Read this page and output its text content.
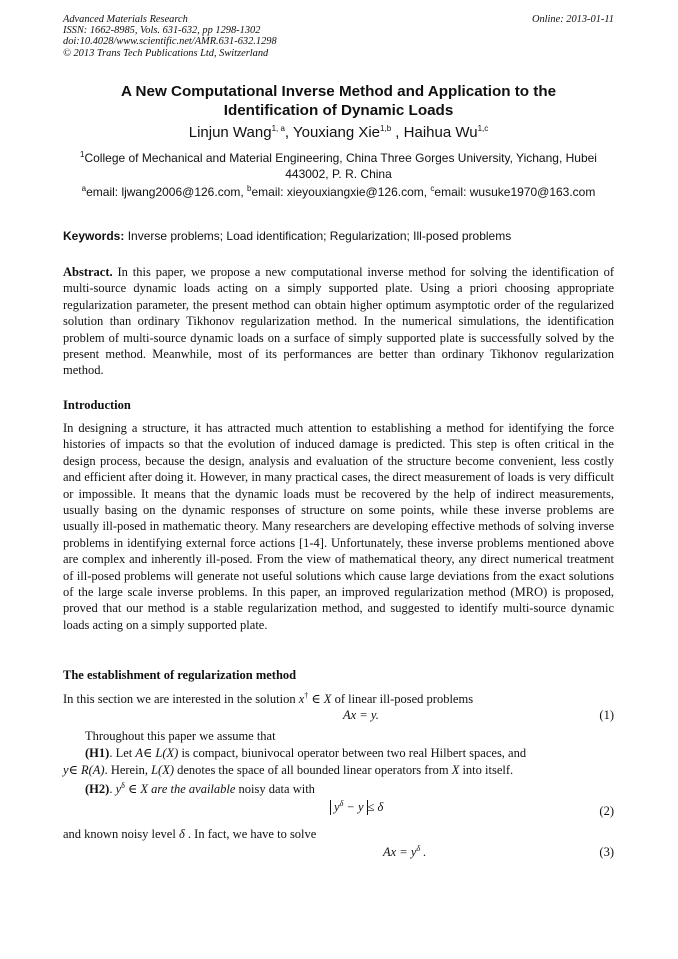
Advanced Materials Research
ISSN: 1662-8985, Vols. 631-632, pp 1298-1302
doi:10.4028/www.scientific.net/AMR.631-632.1298
© 2013 Trans Tech Publications Ltd, Switzerland
Online: 2013-01-11
A New Computational Inverse Method and Application to the
Identification of Dynamic Loads
Linjun Wang$^{1, a}$, Youxiang Xie$^{1,b}$ , Haihua Wu$^{1,c}$
$^1$College of Mechanical and Material Engineering, China Three Gorges University, Yichang, Hubei
443002, P. R. China
$^a$email: ljwang2006@126.com, $^b$email: xieyouxiangxie@126.com, $^c$email: wusuke1970@163.com
Keywords: Inverse problems; Load identification; Regularization; Ill-posed problems
Abstract. In this paper, we propose a new computational inverse method for solving the identification of multi-source dynamic loads acting on a simply supported plate. Using a priori choosing appropriate regularization parameter, the present method can obtain higher optimum asymptotic order of the regularized solution than ordinary Tikhonov regularization method. In the numerical simulations, the identification problem of multi-source dynamic loads on a surface of simply supported plate is successfully solved by the present method. Meanwhile, most of its performances are better than ordinary Tikhonov regularization method.
Introduction
In designing a structure, it has attracted much attention to establishing a method for identifying the force histories of impacts so that the evolution of induced damage is predicted. This step is often critical in the design process, because the design, analysis and evaluation of the structure become convenient, less costly and efficient after doing it. However, in many practical cases, the direct measurement of loads is very difficult or impossible. It means that the dynamic loads must be recovered by the help of indirect measurements, usually basing on the dynamic responses of structure on some points, while these inverse problems are usually ill-posed in mathematic theory. Many researchers are developing effective methods of solving inverse problems in identifying external force actions [1-4]. Unfortunately, these inverse problems mentioned above are complex and inherently ill-posed. From the view of mathematical theory, any direct numerical treatment of ill-posed problems will generate not useful solutions which cause large deviations from the exact solutions of the large scale inverse problems. In this paper, an improved regularization method (MRO) is proposed, proved that our method is a stable regularization method, and suggested to identify multi-source dynamic loads acting on a simply supported plate.
The establishment of regularization method
In this section we are interested in the solution x† ∈ X of linear ill-posed problems
Ax = y.	(1)
Throughout this paper we assume that
(H1). Let A∈ L(X) is compact, biunivocal operator between two real Hilbert spaces, and
y∈ R(A). Herein, L(X) denotes the space of all bounded linear operators from X into itself.
(H2). $y^\delta$ ∈ X are the available noisy data with
$y^\delta - y \le \delta$	(2)
and known noisy level δ . In fact, we have to solve
$Ax = y^\delta$ .	(3)
